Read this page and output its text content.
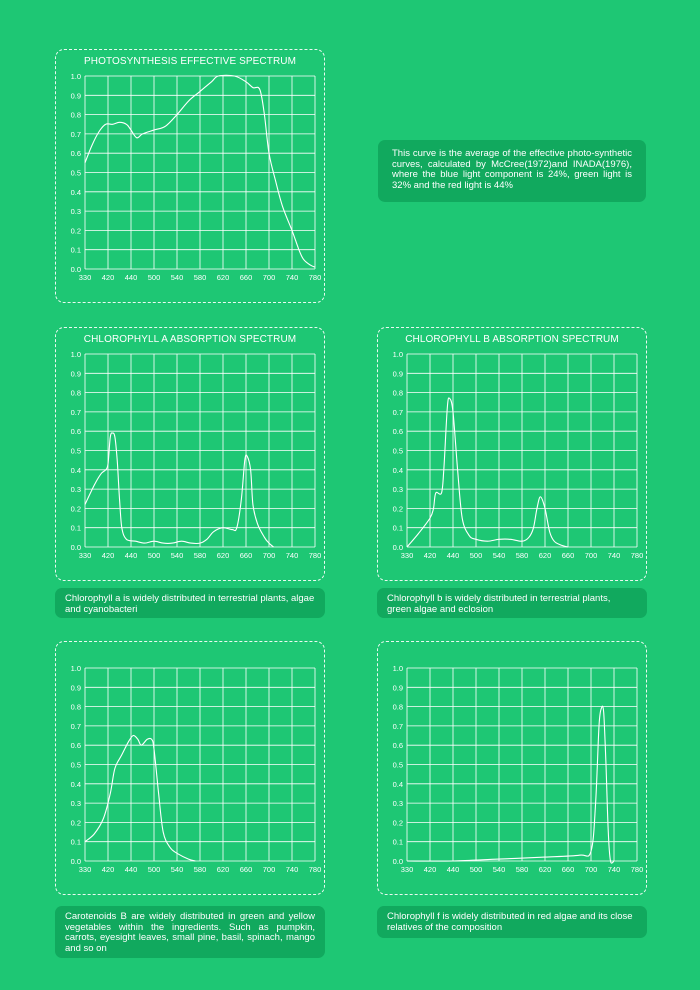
PHOTOSYNTHESIS EFFECTIVE SPECTRUM
330 420 440 500 540 580 620 660 700 740 780
0.0
0.1
0.2
0.3
0.4
0.5
0.6
0.7
0.8
0.9
1.0
This curve is the average of the effective photo-synthetic curves, calculated by McCree(1972)and INADA(1976), where the blue light component is 24%, green light is 32% and the red light is 44%
CHLOROPHYLL A ABSORPTION SPECTRUM
330 420 440 500 540 580 620 660 700 740 780
0.0
0.1
0.2
0.3
0.4
0.5
0.6
0.7
0.8
0.9
1.0
CHLOROPHYLL B ABSORPTION SPECTRUM
330 420 440 500 540 580 620 660 700 740 780
0.0
0.1
0.2
0.3
0.4
0.5
0.6
0.7
0.8
0.9
1.0
Chlorophyll a is widely distributed in terrestrial plants, algae and cyanobacteri
Chlorophyll b is widely distributed in terrestrial plants, green algae and eclosion
330 420 440 500 540 580 620 660 700 740 780
0.0
0.1
0.2
0.3
0.4
0.5
0.6
0.7
0.8
0.9
1.0
330 420 440 500 540 580 620 660 700 740 780
0.0
0.1
0.2
0.3
0.4
0.5
0.6
0.7
0.8
0.9
1.0
Carotenoids B are widely distributed in green and yellow vegetables within the ingredients. Such as pumpkin, carrots, eyesight leaves, small pine, basil, spinach, mango and so on
Chlorophyll f is widely distributed in red algae and its close relatives of the composition
